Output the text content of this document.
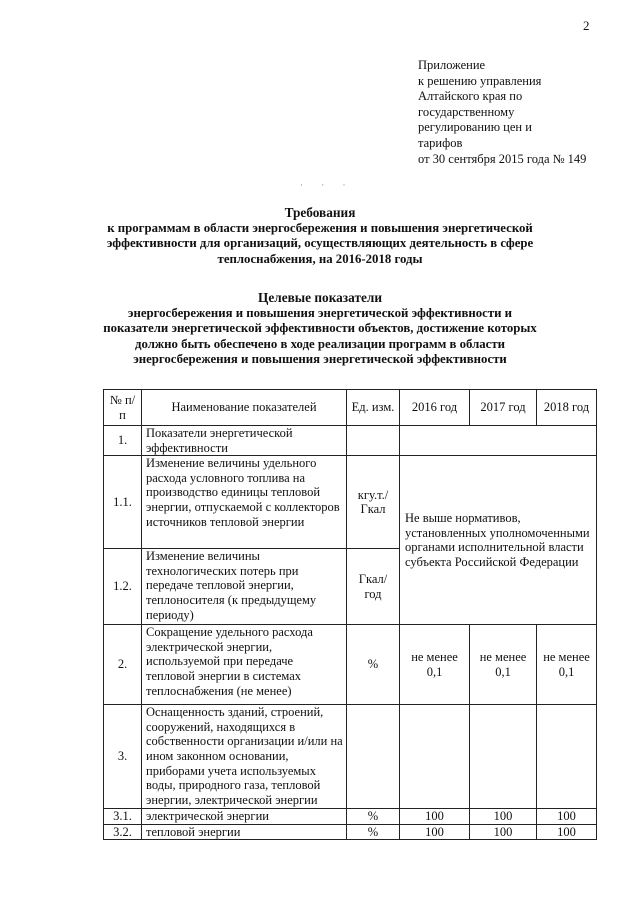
2
Приложение
к решению управления
Алтайского края по
государственному
регулированию цен и
тарифов
от 30 сентября 2015 года № 149
· · ·
Требования
к программам в области энергосбережения и повышения энергетической эффективности для организаций, осуществляющих деятельность в сфере теплоснабжения, на 2016-2018 годы
Целевые показатели
энергосбережения и повышения энергетической эффективности и показатели энергетической эффективности объектов, достижение которых должно быть обеспечено в ходе реализации программ в области энергосбережения и повышения энергетической эффективности
№ п/п	Наименование показателей	Ед. изм.	2016 год	2017 год	2018 год
1.	Показатели энергетической эффективности				
1.1.	Изменение величины удельного расхода условного топлива на производство единицы тепловой энергии, отпускаемой с коллекторов источников тепловой энергии	кгу.т./ Гкал	Не выше нормативов, установленных уполномоченными органами исполнительной власти субъекта Российской Федерации		
1.2.	Изменение величины технологических потерь при передаче тепловой энергии, теплоносителя (к предыдущему периоду)	Гкал/ год			
2.	Сокращение удельного расхода электрической энергии, используемой при передаче тепловой энергии в системах теплоснабжения (не менее)	%	не менее 0,1	не менее 0,1	не менее 0,1
3.	Оснащенность зданий, строений, сооружений, находящихся в собственности организации и/или на ином законном основании, приборами учета используемых воды, природного газа, тепловой энергии, электрической энергии				
3.1.	электрической энергии	%	100	100	100
3.2.	тепловой энергии	%	100	100	100
